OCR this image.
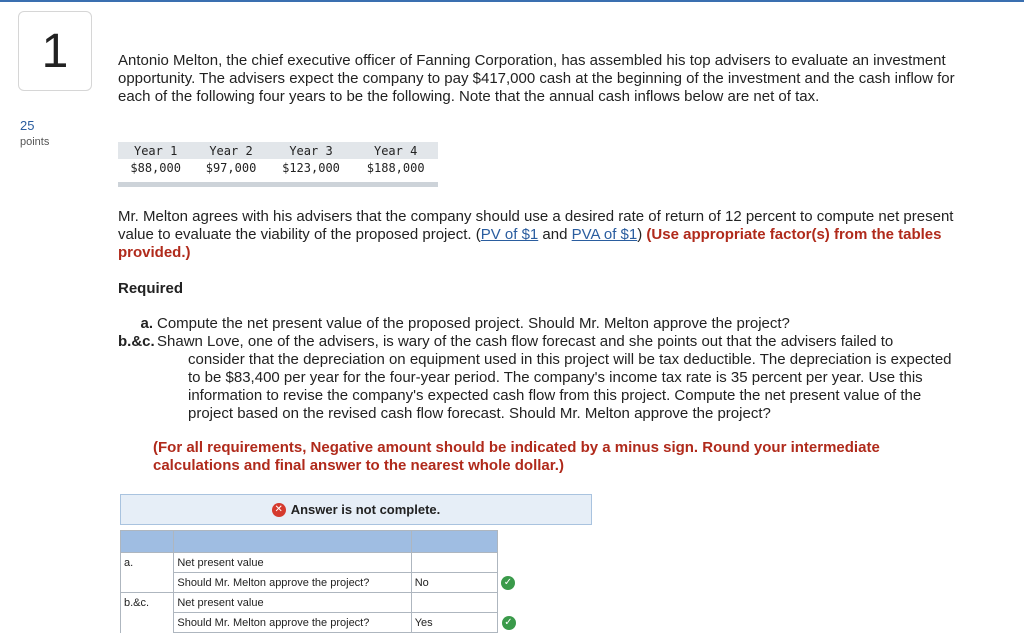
1
25
points

Antonio Melton, the chief executive officer of Fanning Corporation, has assembled his top advisers to evaluate an investment opportunity. The advisers expect the company to pay $417,000 cash at the beginning of the investment and the cash inflow for each of the following four years to be the following. Note that the annual cash inflows below are net of tax.

Year 1	Year 2	Year 3	Year 4
$88,000	$97,000	$123,000	$188,000
Mr. Melton agrees with his advisers that the company should use a desired rate of return of 12 percent to compute net present value to evaluate the viability of the proposed project. (PV of $1 and PVA of $1) (Use appropriate factor(s) from the tables provided.)
Required
a. Compute the net present value of the proposed project. Should Mr. Melton approve the project?
b.&c. Shawn Love, one of the advisers, is wary of the cash flow forecast and she points out that the advisers failed to
consider that the depreciation on equipment used in this project will be tax deductible. The depreciation is expected to be $83,400 per year for the four-year period. The company's income tax rate is 35 percent per year. Use this information to revise the company's expected cash flow from this project. Compute the net present value of the project based on the revised cash flow forecast. Should Mr. Melton approve the project?
(For all requirements, Negative amount should be indicated by a minus sign. Round your intermediate calculations and final answer to the nearest whole dollar.)
✕ Answer is not complete.

a.	Net present value		
	Should Mr. Melton approve the project?	No	✓
b.&c.	Net present value		
	Should Mr. Melton approve the project?	Yes	✓
